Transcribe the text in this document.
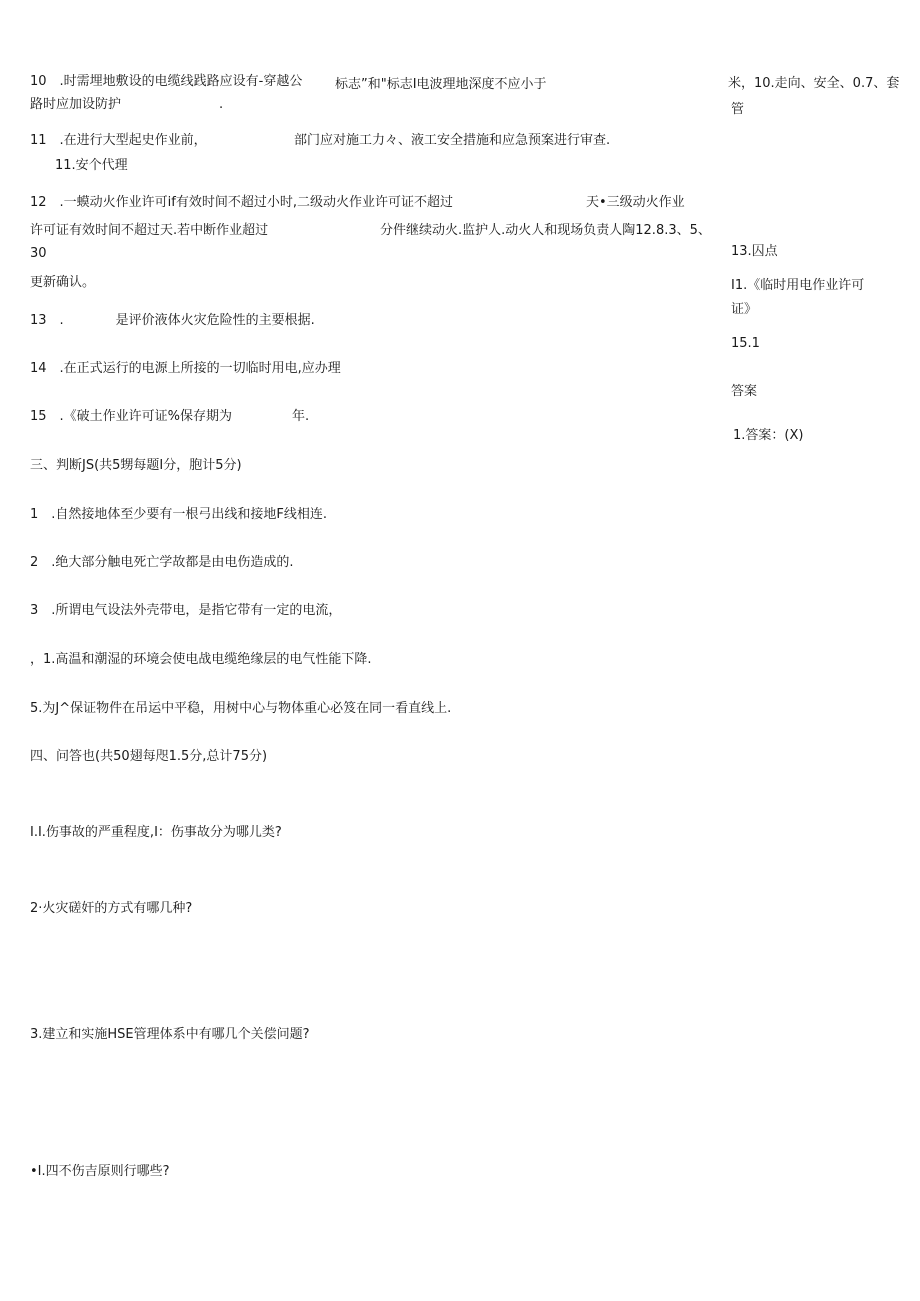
10　.时需埋地敷设的电缆线践路应设有-穿越公
路时应加设防护	.
标志”和"标志I电波理地深度不应小于	米，10.走向、安全、0.7、套
管
11　.在进行大型起史作业前，	部门应对施工力々、液工安全措施和应急预案进行审查.
11.安个代理
12　.一蟆动火作业许可if有效时间不超过小时,二级动火作业许可证不超过	天•三级动火作业
许可证有效时间不超过天.若中断作业超过	分件继续动火.监护人.动火人和现场负责人陶12.8.3、5、
30
更新确认。
13.囚点
I1.《临时用电作业许可
证》
15.1
答案
1.答案：(X)
13　.　　　　是评价液体火灾危险性的主要根据.
14　.在正式运行的电源上所接的一切临时用电,应办理
15　.《破土作业许可证%保存期为	年.
三、判断JS(共5甥每题I分，胞计5分)
1　.自然接地体至少要有一根弓出线和接地F线相连.
2　.绝大部分触电死亡学故都是由电伤造成的.
3　.所谓电气设法外壳带电，是指它带有一定的电流，
，1.高温和潮湿的环境会使电战电缆绝缘层的电气性能下降.
5.为J^保证物件在吊运中平稳，用树中心与物体重心必笈在同一看直线上.
四、问答也(共50翅每咫1.5分,总计75分)
I.I.伤事故的严重程度,I：伤事故分为哪儿类?
2·火灾磋奸的方式有哪几种?
3.建立和实施HSE管理体系中有哪几个关偿问题?
•I.四不伤吉原则行哪些?
